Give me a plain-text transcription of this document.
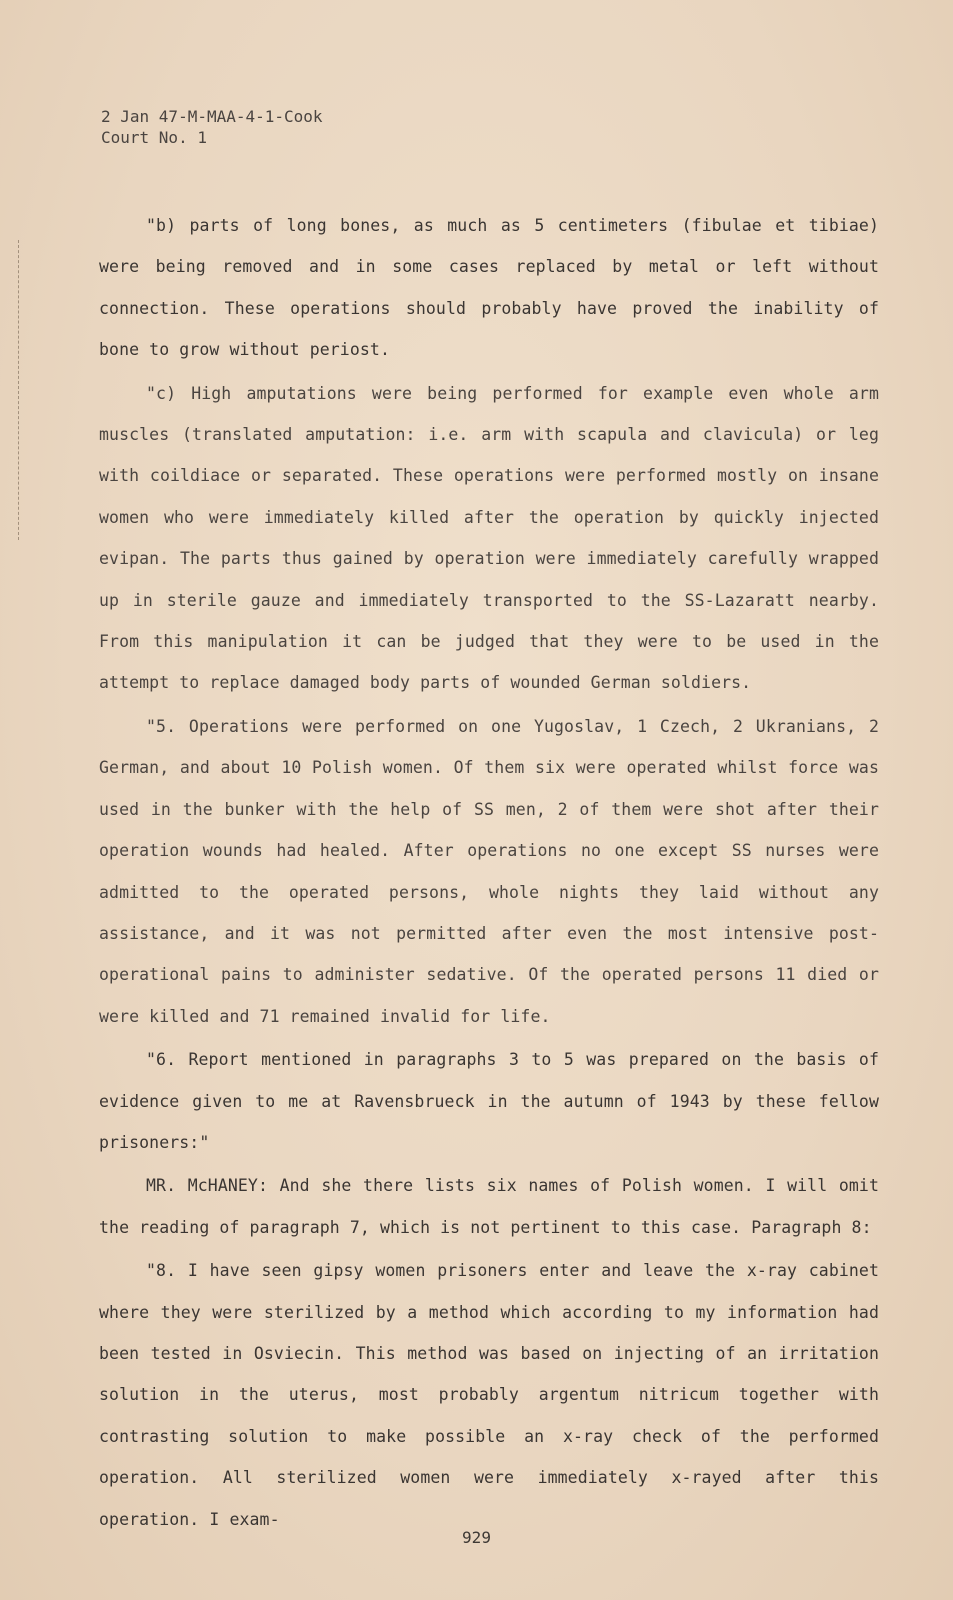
2 Jan 47-M-MAA-4-1-Cook
Court No. 1

"b) parts of long bones, as much as 5 centimeters (fibulae et tibiae) were being removed and in some cases replaced by metal or left without connection. These operations should probably have proved the inability of bone to grow without periost.

"c) High amputations were being performed for example even whole arm muscles (translated amputation: i.e. arm with scapula and clavicula) or leg with coildiace or separated. These operations were performed mostly on insane women who were immediately killed after the operation by quickly injected evipan. The parts thus gained by operation were immediately carefully wrapped up in sterile gauze and immediately transported to the SS-Lazaratt nearby. From this manipulation it can be judged that they were to be used in the attempt to replace damaged body parts of wounded German soldiers.

"5. Operations were performed on one Yugoslav, 1 Czech, 2 Ukranians, 2 German, and about 10 Polish women. Of them six were operated whilst force was used in the bunker with the help of SS men, 2 of them were shot after their operation wounds had healed. After operations no one except SS nurses were admitted to the operated persons, whole nights they laid without any assistance, and it was not permitted after even the most intensive post-operational pains to administer sedative. Of the operated persons 11 died or were killed and 71 remained invalid for life.

"6. Report mentioned in paragraphs 3 to 5 was prepared on the basis of evidence given to me at Ravensbrueck in the autumn of 1943 by these fellow prisoners:"

MR. McHANEY: And she there lists six names of Polish women. I will omit the reading of paragraph 7, which is not pertinent to this case. Paragraph 8:

"8. I have seen gipsy women prisoners enter and leave the x-ray cabinet where they were sterilized by a method which according to my information had been tested in Osviecin. This method was based on injecting of an irritation solution in the uterus, most probably argentum nitricum together with contrasting solution to make possible an x-ray check of the performed operation. All sterilized women were immediately x-rayed after this operation. I exam-

929
